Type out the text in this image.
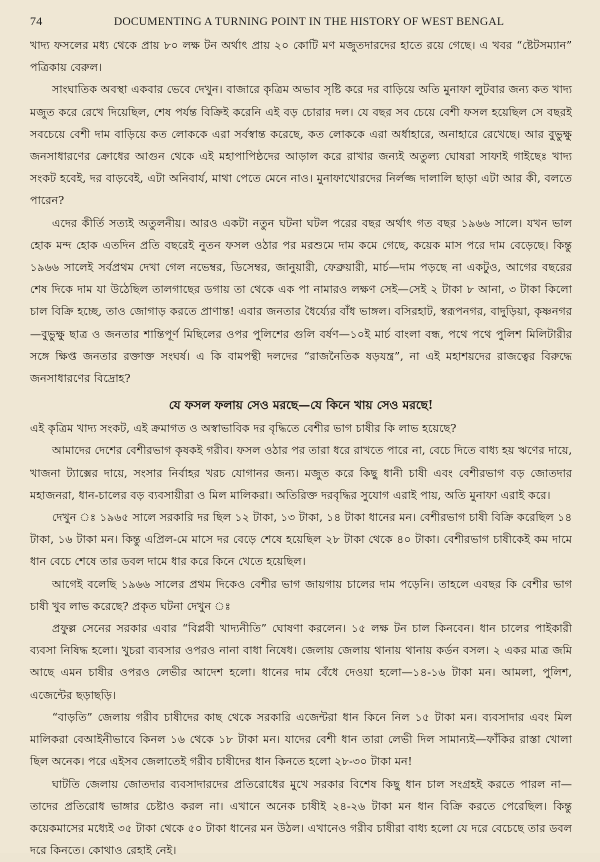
74	DOCUMENTING A TURNING POINT IN THE HISTORY OF WEST BENGAL

খাদ্য ফসলের মধ্য থেকে প্রায় ৮০ লক্ষ টন অর্থাৎ প্রায় ২০ কোটি মণ মজুতদারদের হাতে রয়ে গেছে। এ খবর “ষ্টেটসম্যান” পত্রিকায় বেরুল।

সাংঘাতিক অবস্থা একবার ভেবে দেখুন। বাজারে কৃত্রিম অভাব সৃষ্টি করে দর বাড়িয়ে অতি মুনাফা লুটবার জন্য কত খাদ্য মজুত করে রেখে দিয়েছিল, শেষ পর্যন্ত বিক্রিই করেনি এই বড় চোরার দল। যে বছর সব চেয়ে বেশী ফসল হয়েছিল সে বছরই সবচেয়ে বেশী দাম বাড়িয়ে কত লোককে এরা সর্বস্বান্ত করেছে, কত লোককে এরা অর্ধাহারে, অনাহারে রেখেছে। আর বুভুক্ষু জনসাধারণের ক্রোধের আগুন থেকে এই মহাপাপিষ্ঠদের আড়াল করে রাখার জন্যই অতুল্য ঘোষরা সাফাই গাইছেঃ খাদ্য সংকট হবেই, দর বাড়বেই, এটা অনিবার্য, মাথা পেতে মেনে নাও। মুনাফাখোরদের নির্লজ্জ দালালি ছাড়া এটা আর কী, বলতে পারেন?

এদের কীর্তি সত্যই অতুলনীয়। আরও একটা নতুন ঘটনা ঘটল পরের বছর অর্থাৎ গত বছর ১৯৬৬ সালে। যখন ভাল হোক মন্দ হোক এতদিন প্রতি বছরেই নুতন ফসল ওঠার পর মরশুমে দাম কমে গেছে, কয়েক মাস পরে দাম বেড়েছে। কিন্তু ১৯৬৬ সালেই সর্বপ্রথম দেখা গেল নভেম্বর, ডিসেম্বর, জানুয়ারী, ফেব্রুয়ারী, মার্চ—দাম পড়ছে না একটুও, আগের বছরের শেষ দিকে দাম যা উঠেছিল তালগাছের ডগায় তা থেকে এক পা নামারও লক্ষণ সেই—সেই ২ টাকা ৮ আনা, ৩ টাকা কিলো চাল বিক্রি হচ্ছে, তাও জোগাড় করতে প্রাণান্ত! এবার জনতার ধৈর্য্যের বাঁধ ভাঙ্গল। বসিরহাট, স্বরূপনগর, বাদুড়িয়া, কৃষ্ণনগর—বুভুক্ষু ছাত্র ও জনতার শান্তিপূর্ণ মিছিলের ওপর পুলিশের গুলি বর্ষণ—১০ই মার্চ বাংলা বন্ধ, পথে পথে পুলিশ মিলিটারীর সঙ্গে ক্ষিপ্ত জনতার রক্তাক্ত সংঘর্ষ। এ কি বামপন্থী দলদের “রাজনৈতিক ষড়যন্ত্র”, না এই মহাশয়দের রাজত্বের বিরুদ্ধে জনসাধারণের বিদ্রোহ?

যে ফসল ফলায় সেও মরছে—যে কিনে খায় সেও মরছে!

এই কৃত্রিম খাদ্য সংকট, এই ক্রমাগত ও অস্বাভাবিক দর বৃদ্ধিতে বেশীর ভাগ চাষীর কি লাভ হয়েছে?

আমাদের দেশের বেশীরভাগ কৃষকই গরীব। ফসল ওঠার পর তারা ধরে রাখতে পারে না, বেচে দিতে বাধ্য হয় ঋণের দায়ে, খাজনা ট্যাক্সের দায়ে, সংসার নির্বাহর খরচ যোগানর জন্য। মজুত করে কিছু ধানী চাষী এবং বেশীরভাগ বড় জোতদার মহাজনরা, ধান-চালের বড় ব্যবসায়ীরা ও মিল মালিকরা। অতিরিক্ত দরবৃদ্ধির সুযোগ এরাই পায়, অতি মুনাফা এরাই করে।

দেখুন ঃ ১৯৬৫ সালে সরকারি দর ছিল ১২ টাকা, ১৩ টাকা, ১৪ টাকা ধানের মন। বেশীরভাগ চাষী বিক্রি করেছিল ১৪ টাকা, ১৬ টাকা মন। কিন্তু এপ্রিল-মে মাসে দর বেড়ে শেষে হয়েছিল ২৮ টাকা থেকে ৪০ টাকা। বেশীরভাগ চাষীকেই কম দামে ধান বেচে শেষে তার ডবল দামে ধার করে কিনে খেতে হয়েছিল।

আগেই বলেছি ১৯৬৬ সালের প্রথম দিকেও বেশীর ভাগ জায়গায় চালের দাম পড়েনি। তাহলে এবছর কি বেশীর ভাগ চাষী খুব লাভ করেছে? প্রকৃত ঘটনা দেখুন ঃ

প্রফুল্ল সেনের সরকার এবার “বিপ্লবী খাদ্যনীতি” ঘোষণা করলেন। ১৫ লক্ষ টন চাল কিনবেন। ধান চালের পাইকারী ব্যবসা নিষিদ্ধ হলো। খুচরা ব্যবসার ওপরও নানা বাধা নিষেধ। জেলায় জেলায় থানায় থানায় কর্ডন বসল। ২ একর মাত্র জমি আছে এমন চাষীর ওপরও লেভীর আদেশ হলো। ধানের দাম বেঁধে দেওয়া হলো—১৪-১৬ টাকা মন। আমলা, পুলিশ, এজেন্টের ছড়াছড়ি।

“বাড়তি” জেলায় গরীব চাষীদের কাছ থেকে সরকারি এজেন্টরা ধান কিনে নিল ১৫ টাকা মন। ব্যবসাদার এবং মিল মালিকরা বেআইনীভাবে কিনল ১৬ থেকে ১৮ টাকা মন। যাদের বেশী ধান তারা লেভী দিল সামান্যই—ফাঁকির রাস্তা খোলা ছিল অনেক। পরে এইসব জেলাতেই গরীব চাষীদের ধান কিনতে হলো ২৮-৩০ টাকা মন!

ঘাটতি জেলায় জোতদার ব্যবসাদারদের প্রতিরোধের মুখে সরকার বিশেষ কিছু ধান চাল সংগ্রহই করতে পারল না—তাদের প্রতিরোধ ভাঙ্গার চেষ্টাও করল না। এখানে অনেক চাষীই ২৪-২৬ টাকা মন ধান বিক্রি করতে পেরেছিল। কিন্তু কয়েকমাসের মধ্যেই ৩৫ টাকা থেকে ৫০ টাকা ধানের মন উঠল। এখানেও গরীব চাষীরা বাধ্য হলো যে দরে বেচেছে তার ডবল দরে কিনতে। কোথাও রেহাই নেই।
